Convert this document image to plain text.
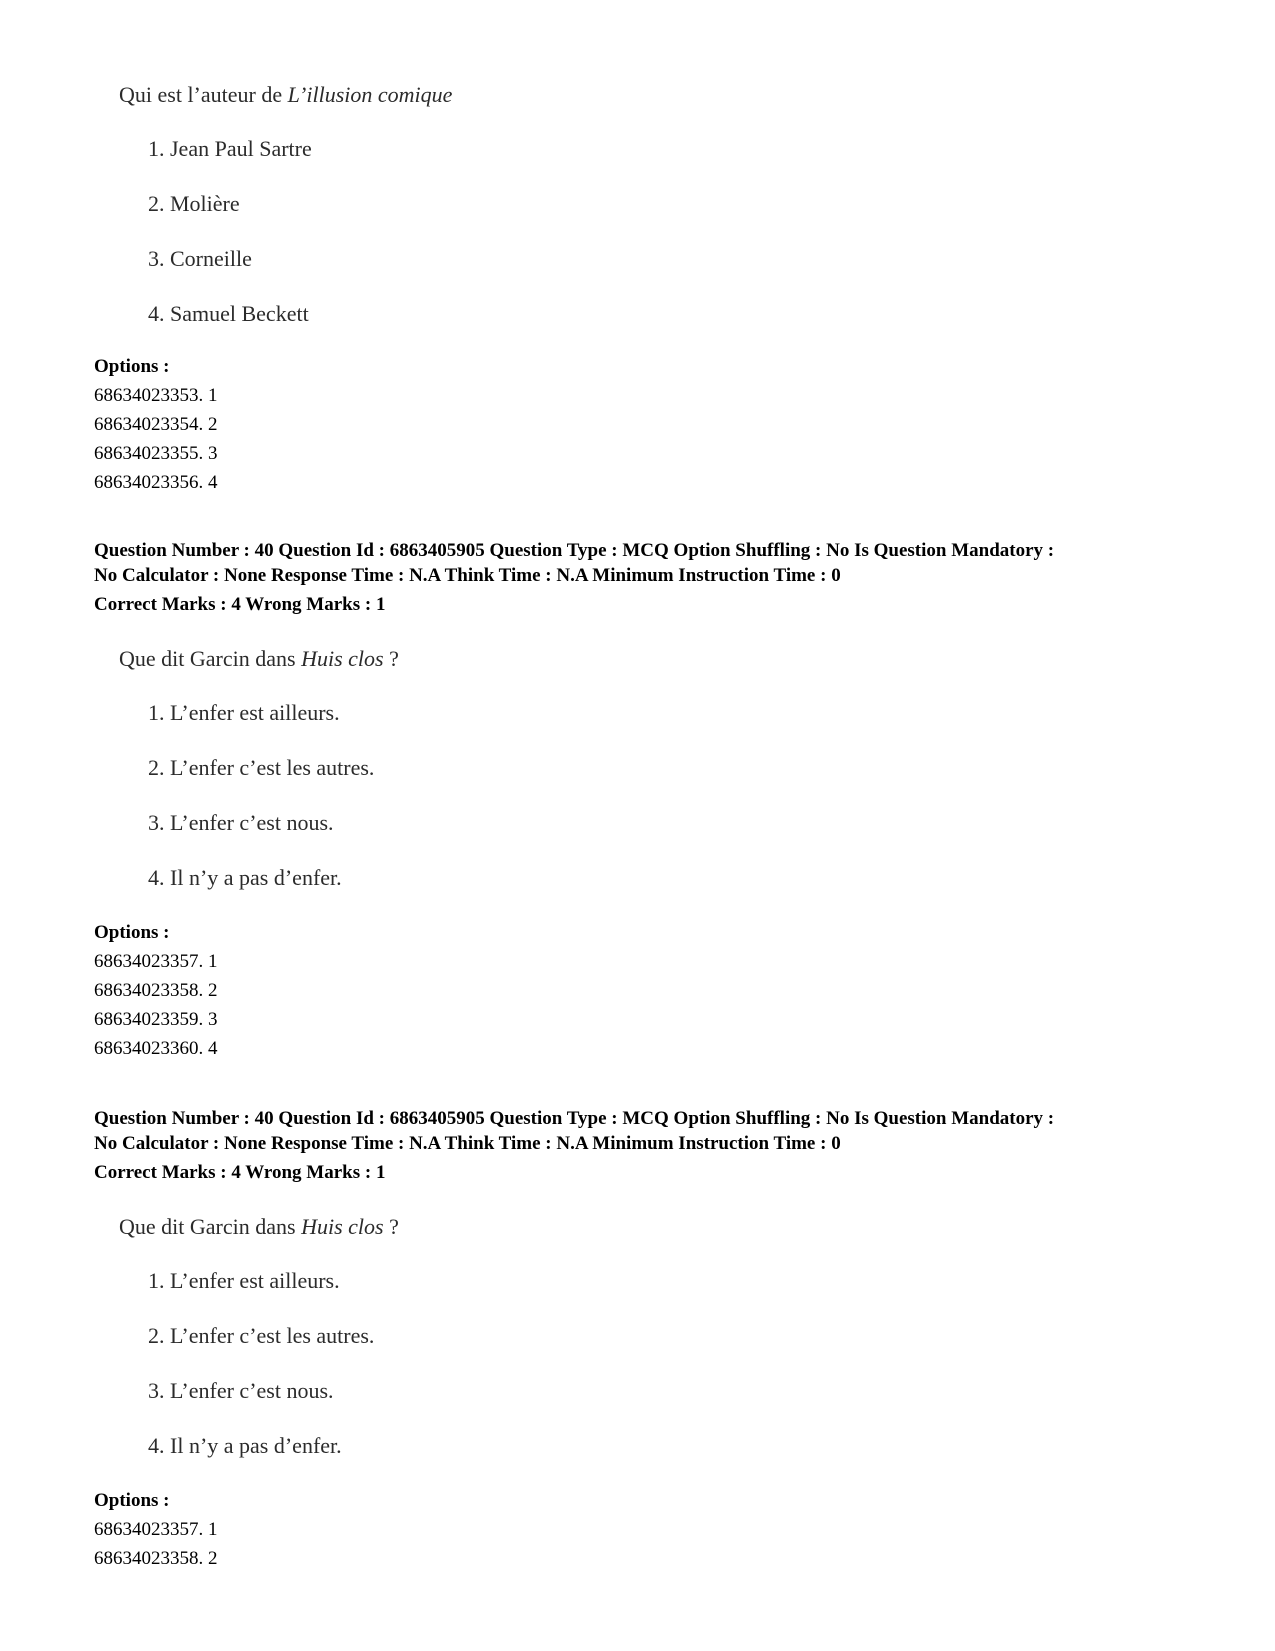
Qui est l’auteur de L’illusion comique
1. Jean Paul Sartre
2. Molière
3. Corneille
4. Samuel Beckett
Options :
68634023353. 1
68634023354. 2
68634023355. 3
68634023356. 4
Question Number : 40 Question Id : 6863405905 Question Type : MCQ Option Shuffling : No Is Question Mandatory :
No Calculator : None Response Time : N.A Think Time : N.A Minimum Instruction Time : 0
Correct Marks : 4 Wrong Marks : 1
Que dit Garcin dans Huis clos ?
1. L’enfer est ailleurs.
2. L’enfer c’est les autres.
3. L’enfer c’est nous.
4. Il n’y a pas d’enfer.
Options :
68634023357. 1
68634023358. 2
68634023359. 3
68634023360. 4
Question Number : 40 Question Id : 6863405905 Question Type : MCQ Option Shuffling : No Is Question Mandatory :
No Calculator : None Response Time : N.A Think Time : N.A Minimum Instruction Time : 0
Correct Marks : 4 Wrong Marks : 1
Que dit Garcin dans Huis clos ?
1. L’enfer est ailleurs.
2. L’enfer c’est les autres.
3. L’enfer c’est nous.
4. Il n’y a pas d’enfer.
Options :
68634023357. 1
68634023358. 2
